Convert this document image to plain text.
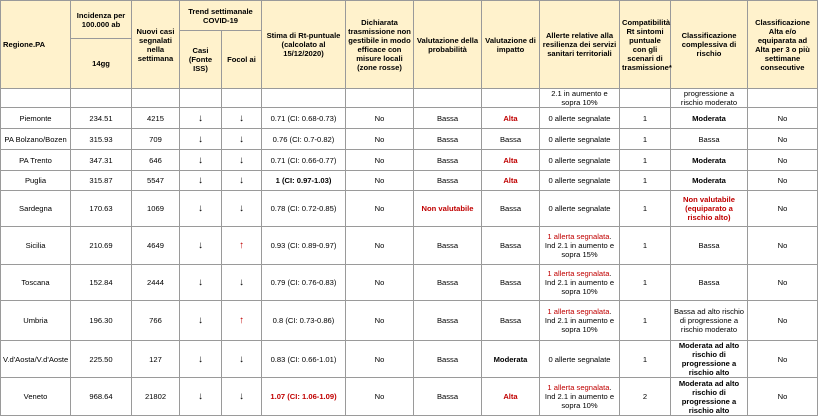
Regione.PA	Incidenza per 100.000 ab	Nuovi casi segnalati nella settimana	Trend settimanale COVID-19		Stima di Rt-puntuale (calcolato al 15/12/2020)	Dichiarata trasmissione non gestibile in modo efficace con misure locali (zone rosse)	Valutazione della probabilità	Valutazione di impatto	Allerte relative alla resilienza dei servizi sanitari territoriali	Compatibilità Rt sintomi puntuale con gli scenari di trasmissione*	Classificazione complessiva di rischio	Classificazione Alta e/o equiparata ad Alta per 3 o più settimane consecutive
			Casi (Fonte ISS)	Focol ai								
	14gg											
									2.1 in aumento e sopra 10%		progressione a rischio moderato	
Piemonte	234.51	4215	↓	↓	0.71 (CI: 0.68-0.73)	No	Bassa	Alta	0 allerte segnalate	1	Moderata	No
PA Bolzano/Bozen	315.93	709	↓	↓	0.76 (CI: 0.7-0.82)	No	Bassa	Bassa	0 allerte segnalate	1	Bassa	No
PA Trento	347.31	646	↓	↓	0.71 (CI: 0.66-0.77)	No	Bassa	Alta	0 allerte segnalate	1	Moderata	No
Puglia	315.87	5547	↓	↓	1 (CI: 0.97-1.03)	No	Bassa	Alta	0 allerte segnalate	1	Moderata	No
Sardegna	170.63	1069	↓	↓	0.78 (CI: 0.72-0.85)	No	Non valutabile	Bassa	0 allerte segnalate	1	Non valutabile (equiparato a rischio alto)	No
Sicilia	210.69	4649	↓	↑	0.93 (CI: 0.89-0.97)	No	Bassa	Bassa	1 allerta segnalata. Ind 2.1 in aumento e sopra 15%	1	Bassa	No
Toscana	152.84	2444	↓	↓	0.79 (CI: 0.76-0.83)	No	Bassa	Bassa	1 allerta segnalata. Ind 2.1 in aumento e sopra 10%	1	Bassa	No
Umbria	196.30	766	↓	↑	0.8 (CI: 0.73-0.86)	No	Bassa	Bassa	1 allerta segnalata. Ind 2.1 in aumento e sopra 10%	1	Bassa ad alto rischio di progressione a rischio moderato	No
V.d'Aosta/V.d'Aoste	225.50	127	↓	↓	0.83 (CI: 0.66-1.01)	No	Bassa	Moderata	0 allerte segnalate	1	Moderata ad alto rischio di progressione a rischio alto	No
Veneto	968.64	21802	↓	↓	1.07 (CI: 1.06-1.09)	No	Bassa	Alta	1 allerta segnalata. Ind 2.1 in aumento e sopra 10%	2	Moderata ad alto rischio di progressione a rischio alto	No
